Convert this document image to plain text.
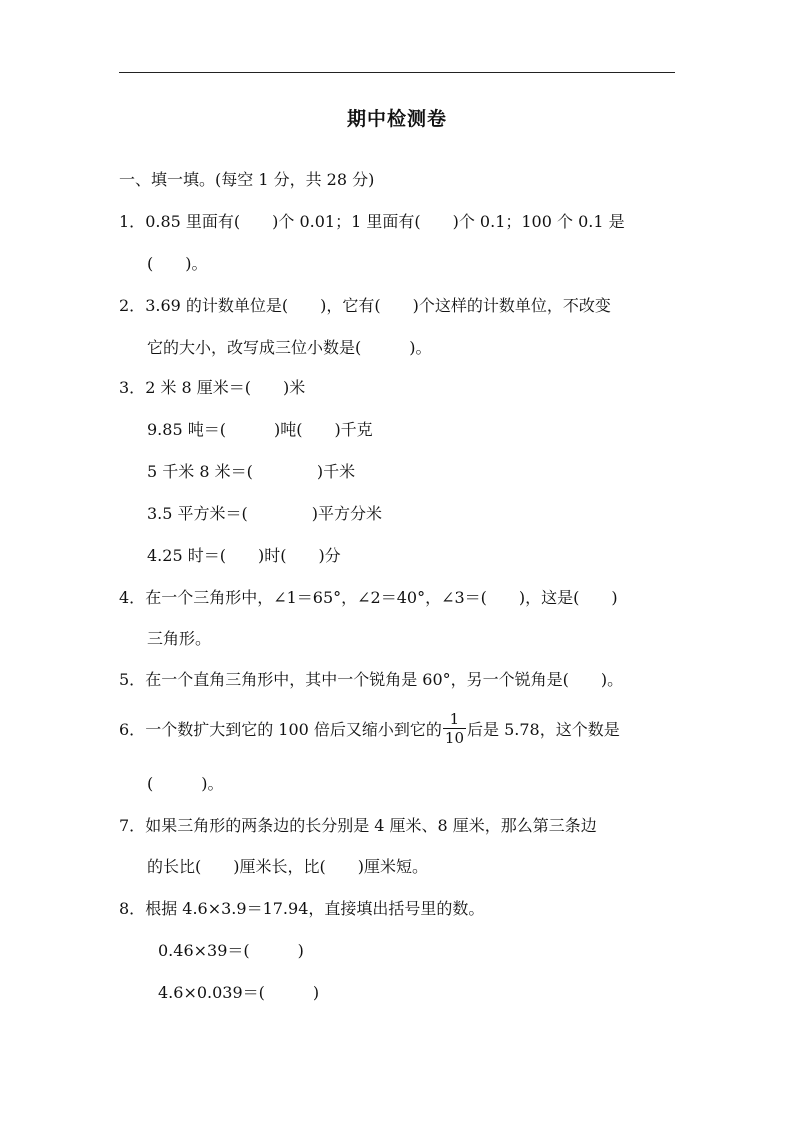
期中检测卷
一、填一填。(每空 1 分，共 28 分)
1．0.85 里面有(　　)个 0.01；1 里面有(　　)个 0.1；100 个 0.1 是
(　　)。
2．3.69 的计数单位是(　　)，它有(　　)个这样的计数单位，不改变
它的大小，改写成三位小数是(　　　)。
3．2 米 8 厘米＝(　　)米
9.85 吨＝(　　　)吨(　　)千克
5 千米 8 米＝(　　　　)千米
3.5 平方米＝(　　　　)平方分米
4.25 时＝(　　)时(　　)分
4．在一个三角形中，∠1＝65°，∠2＝40°，∠3＝(　　)，这是(　　)
三角形。
5．在一个直角三角形中，其中一个锐角是 60°，另一个锐角是(　　)。
6．一个数扩大到它的 100 倍后又缩小到它的 $\frac{1}{10}$ 后是 5.78，这个数是
(　　　)。
7．如果三角形的两条边的长分别是 4 厘米、8 厘米，那么第三条边
的长比(　　)厘米长，比(　　)厘米短。
8．根据 4.6×3.9＝17.94，直接填出括号里的数。
0.46×39＝(　　　)
4.6×0.039＝(　　　)
